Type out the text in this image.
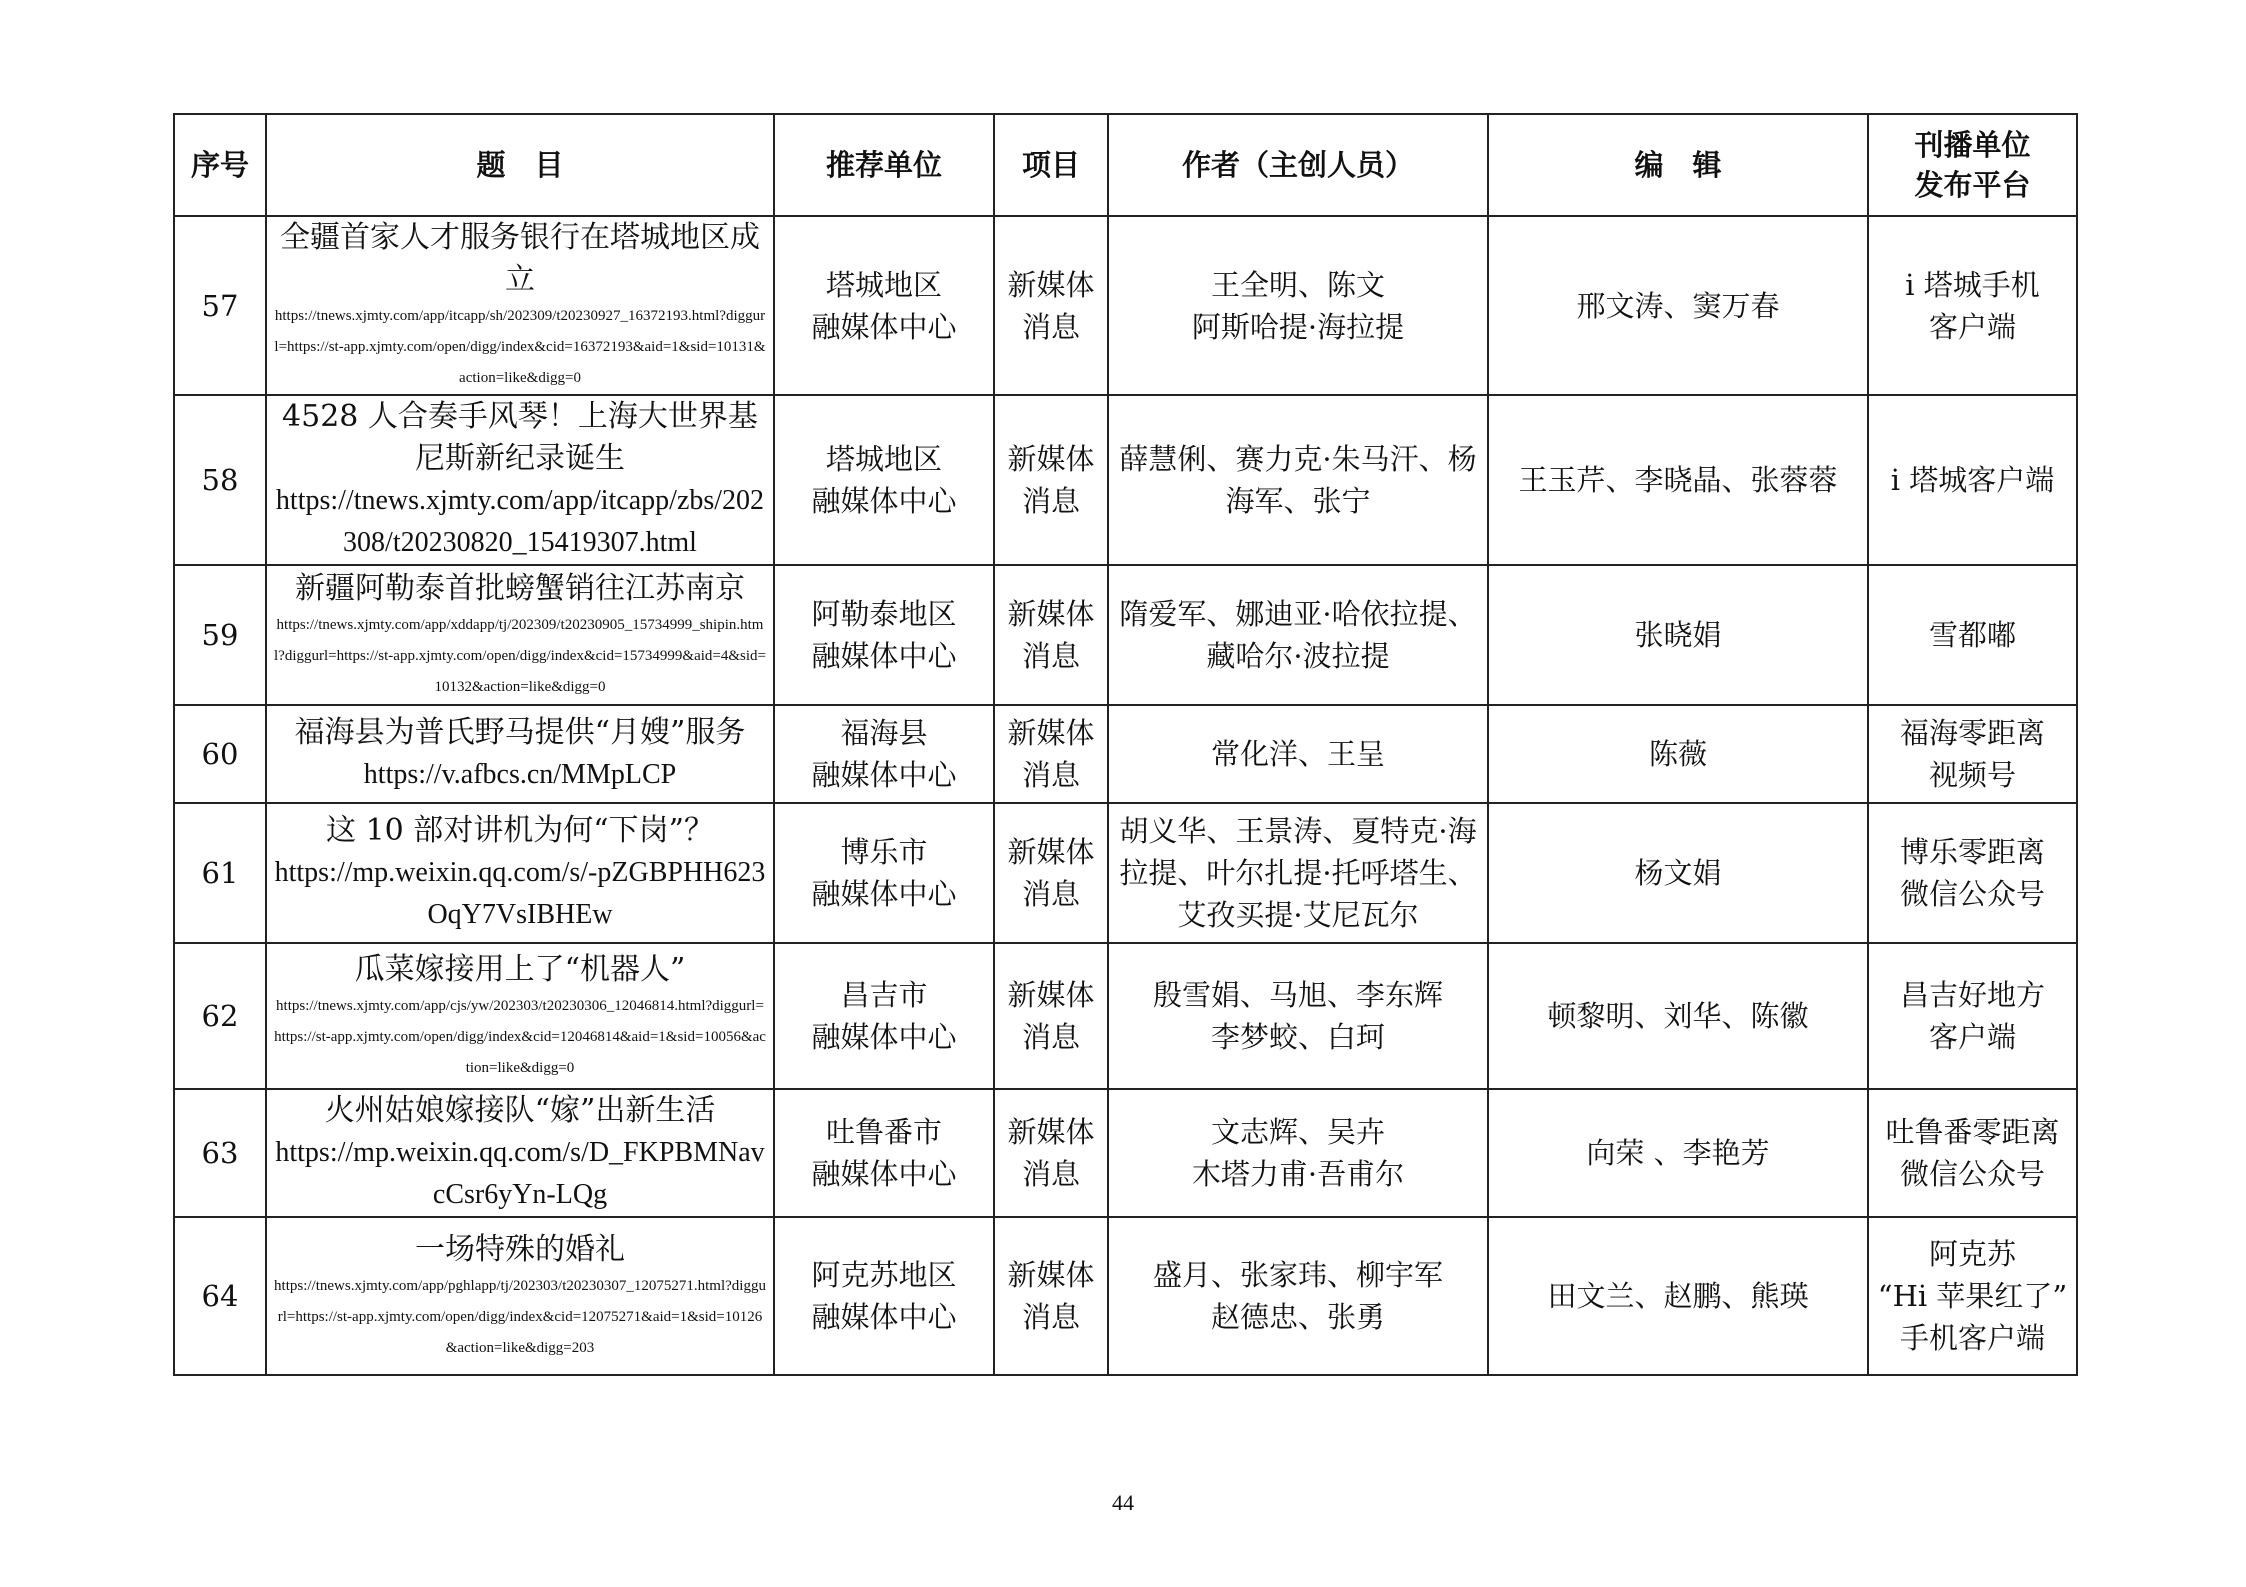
序号	题　目	推荐单位	项目	作者（主创人员）	编　辑	刊播单位
发布平台
57	全疆首家人才服务银行在塔城地区成立
https://tnews.xjmty.com/app/itcapp/sh/202309/t20230927_16372193.html?diggurl=https://st-app.xjmty.com/open/digg/index&cid=16372193&aid=1&sid=10131&action=like&digg=0	塔城地区
融媒体中心	新媒体
消息	王全明、陈文
阿斯哈提·海拉提	邢文涛、窦万春	i 塔城手机
客户端
58	4528 人合奏手风琴！上海大世界基尼斯新纪录诞生
https://tnews.xjmty.com/app/itcapp/zbs/202308/t20230820_15419307.html	塔城地区
融媒体中心	新媒体
消息	薛慧俐、赛力克·朱马汗、杨海军、张宁	王玉芹、李晓晶、张蓉蓉	i 塔城客户端
59	新疆阿勒泰首批螃蟹销往江苏南京
https://tnews.xjmty.com/app/xddapp/tj/202309/t20230905_15734999_shipin.html?diggurl=https://st-app.xjmty.com/open/digg/index&cid=15734999&aid=4&sid=10132&action=like&digg=0	阿勒泰地区
融媒体中心	新媒体
消息	隋爱军、娜迪亚·哈依拉提、藏哈尔·波拉提	张晓娟	雪都嘟
60	福海县为普氏野马提供“月嫂”服务
https://v.afbcs.cn/MMpLCP	福海县
融媒体中心	新媒体
消息	常化洋、王呈	陈薇	福海零距离
视频号
61	这 10 部对讲机为何“下岗”？
https://mp.weixin.qq.com/s/-pZGBPHH623OqY7VsIBHEw	博乐市
融媒体中心	新媒体
消息	胡义华、王景涛、夏特克·海拉提、叶尔扎提·托呼塔生、艾孜买提·艾尼瓦尔	杨文娟	博乐零距离
微信公众号
62	瓜菜嫁接用上了“机器人”
https://tnews.xjmty.com/app/cjs/yw/202303/t20230306_12046814.html?diggurl=https://st-app.xjmty.com/open/digg/index&cid=12046814&aid=1&sid=10056&action=like&digg=0	昌吉市
融媒体中心	新媒体
消息	殷雪娟、马旭、李东辉
李梦蛟、白珂	顿黎明、刘华、陈徽	昌吉好地方
客户端
63	火州姑娘嫁接队“嫁”出新生活
https://mp.weixin.qq.com/s/D_FKPBMNavcCsr6yYn-LQg	吐鲁番市
融媒体中心	新媒体
消息	文志辉、吴卉
木塔力甫·吾甫尔	向荣 、李艳芳	吐鲁番零距离
微信公众号
64	一场特殊的婚礼
https://tnews.xjmty.com/app/pghlapp/tj/202303/t20230307_12075271.html?diggurl=https://st-app.xjmty.com/open/digg/index&cid=12075271&aid=1&sid=10126&action=like&digg=203	阿克苏地区
融媒体中心	新媒体
消息	盛月、张家玮、柳宇军
赵德忠、张勇	田文兰、赵鹏、熊瑛	阿克苏
“Hi 苹果红了”
手机客户端
44
